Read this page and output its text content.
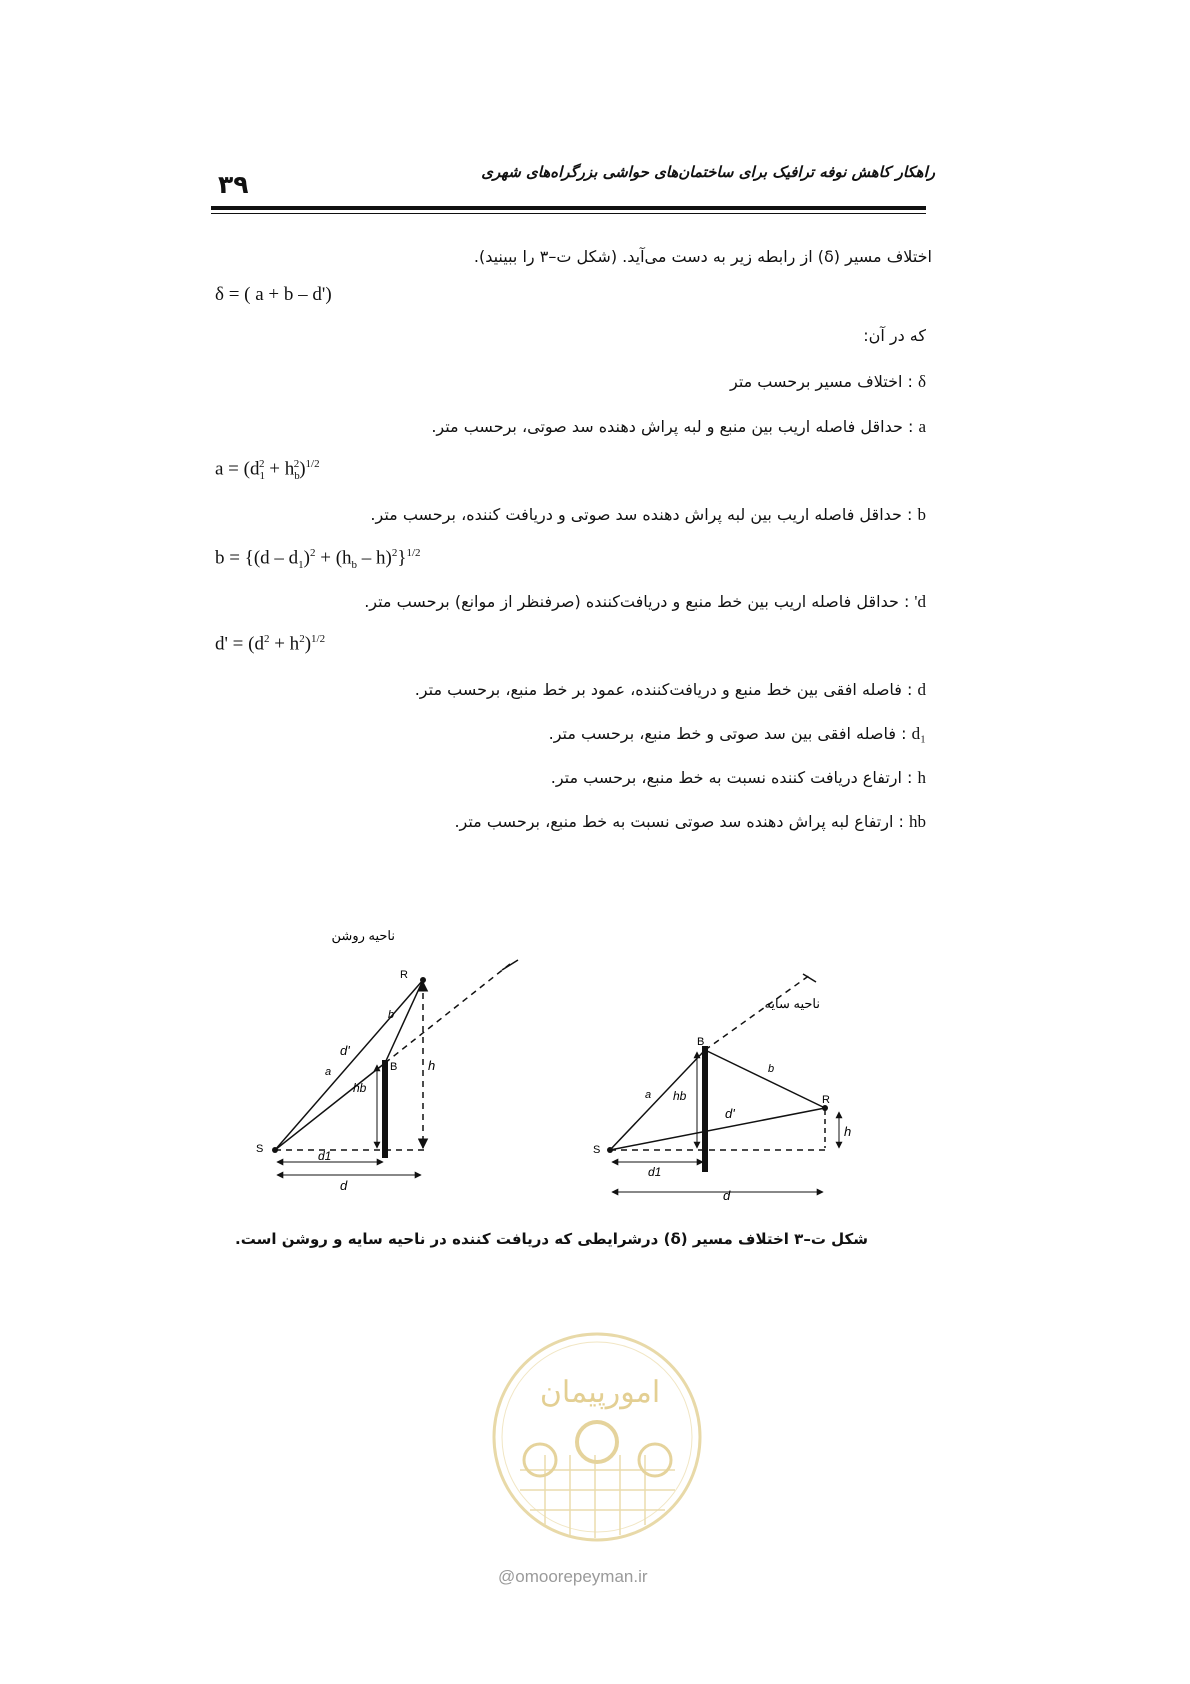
راهکار کاهش نوفه ترافیک برای ساختمان‌های حواشی بزرگراه‌های شهری
۳۹
اختلاف مسیر (δ) از رابطه زیر به دست می‌آید. (شکل ت–۳ را ببینید).
δ = ( a + b – d')
که در آن:
δ : اختلاف مسیر برحسب متر
a : حداقل فاصله اریب بین منبع و لبه پراش دهنده سد صوتی، برحسب متر.
$a = (d_1^2 + h_b^2)^{1/2}$
b : حداقل فاصله اریب بین لبه پراش دهنده سد صوتی و دریافت کننده، برحسب متر.
$b = \{(d - d_1)^2 + (h_b - h)^2\}^{1/2}$
d' : حداقل فاصله اریب بین خط منبع و دریافت‌کننده (صرفنظر از موانع) برحسب متر.
$d' = (d^2 + h^2)^{1/2}$
d : فاصله افقی بین خط منبع و دریافت‌کننده، عمود بر خط منبع، برحسب متر.
d₁ : فاصله افقی بین سد صوتی و خط منبع، برحسب متر.
h : ارتفاع دریافت کننده نسبت به خط منبع، برحسب متر.
hb : ارتفاع لبه پراش دهنده سد صوتی نسبت به خط منبع، برحسب متر.
ناحیه روشن
R
B
S
a
b
d'
h
hb
d1
d
ناحیه سایه
B
R
S
a
b
d'
h
hb
d1
d
شکل ت–۳ اختلاف مسیر (δ) درشرایطی که دریافت کننده در ناحیه سایه و روشن است.
امورپیمان
@omoorepeyman.ir
